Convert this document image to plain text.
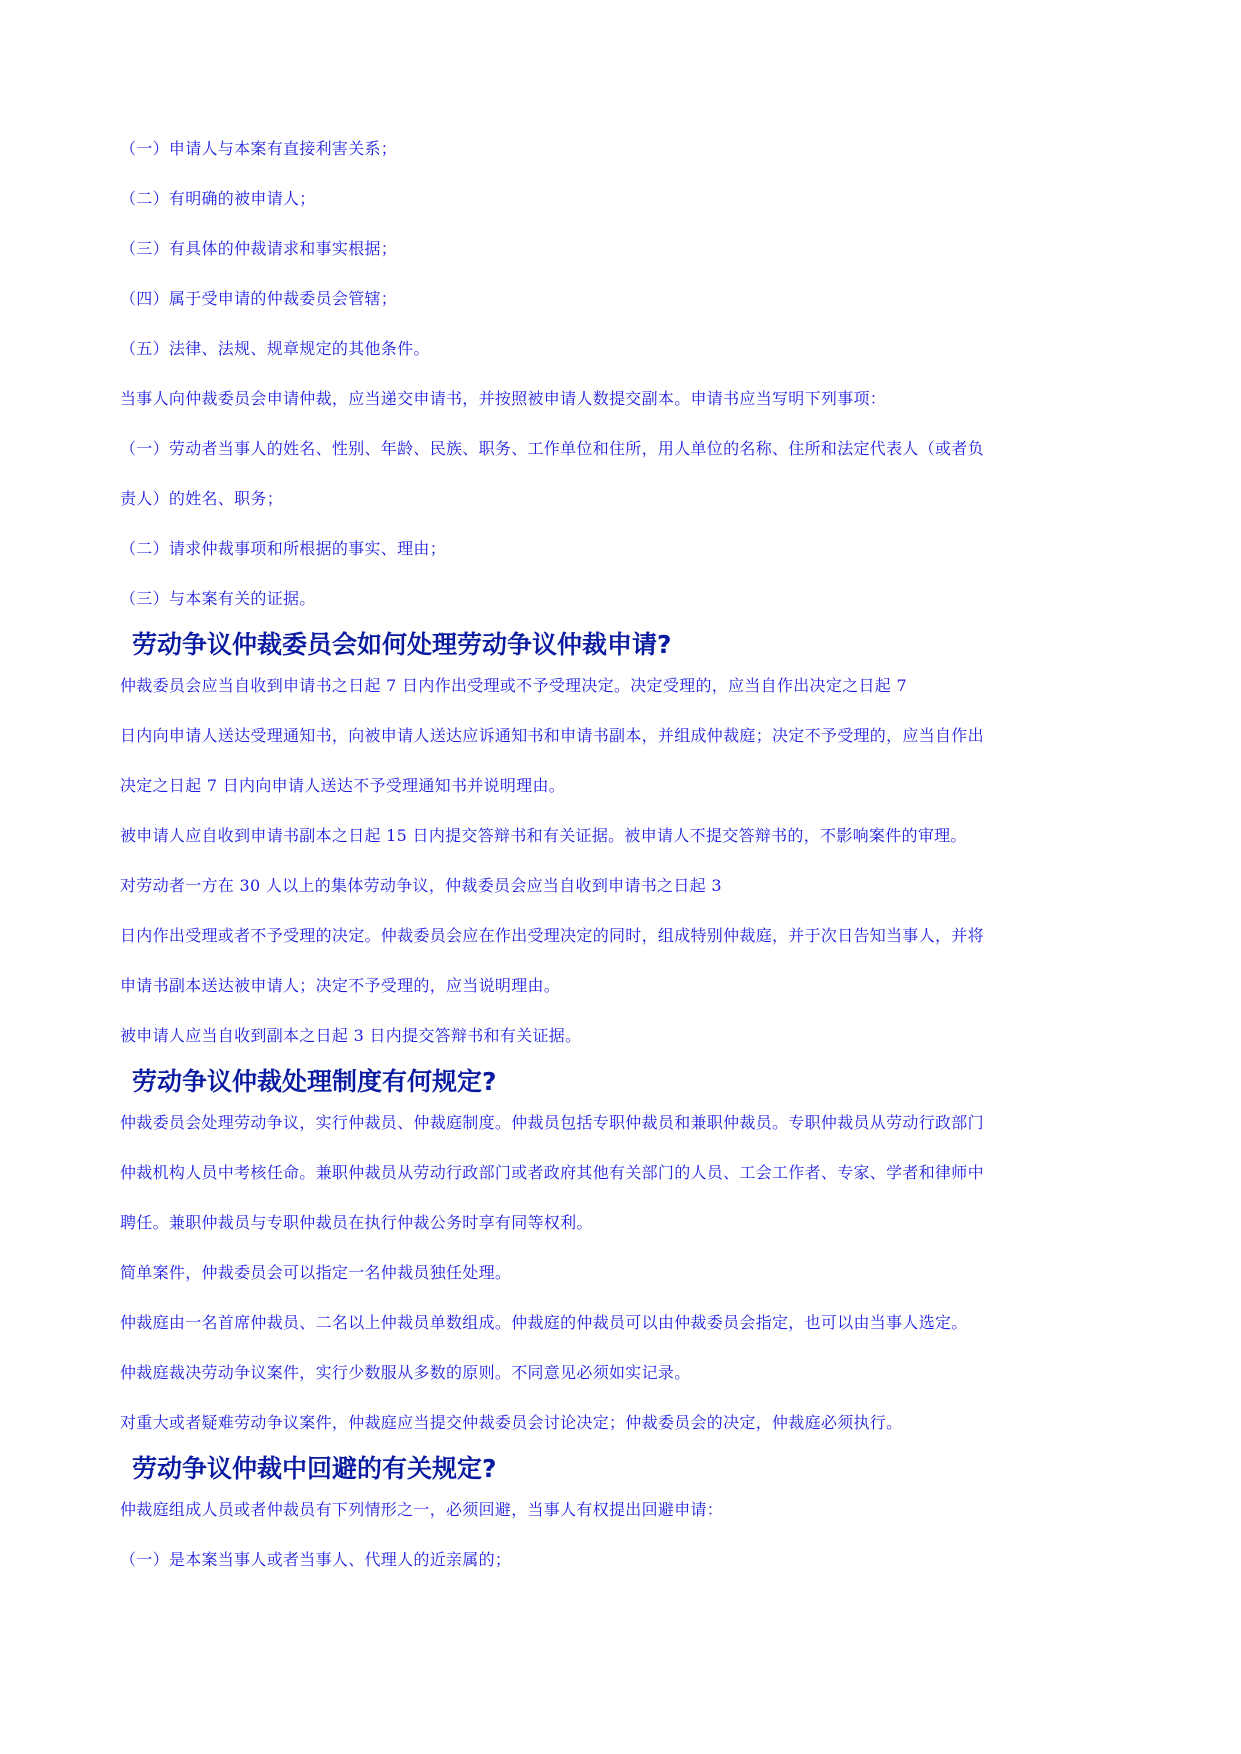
（一）申请人与本案有直接利害关系；

（二）有明确的被申请人；

（三）有具体的仲裁请求和事实根据；

（四）属于受申请的仲裁委员会管辖；

（五）法律、法规、规章规定的其他条件。

当事人向仲裁委员会申请仲裁，应当递交申请书，并按照被申请人数提交副本。申请书应当写明下列事项：

（一）劳动者当事人的姓名、性别、年龄、民族、职务、工作单位和住所，用人单位的名称、住所和法定代表人（或者负

责人）的姓名、职务；

（二）请求仲裁事项和所根据的事实、理由；

（三）与本案有关的证据。

劳动争议仲裁委员会如何处理劳动争议仲裁申请?

仲裁委员会应当自收到申请书之日起 7 日内作出受理或不予受理决定。决定受理的，应当自作出决定之日起 7

日内向申请人送达受理通知书，向被申请人送达应诉通知书和申请书副本，并组成仲裁庭；决定不予受理的，应当自作出

决定之日起 7 日内向申请人送达不予受理通知书并说明理由。

被申请人应自收到申请书副本之日起 15 日内提交答辩书和有关证据。被申请人不提交答辩书的，不影响案件的审理。

对劳动者一方在 30 人以上的集体劳动争议，仲裁委员会应当自收到申请书之日起 3

日内作出受理或者不予受理的决定。仲裁委员会应在作出受理决定的同时，组成特别仲裁庭，并于次日告知当事人，并将

申请书副本送达被申请人；决定不予受理的，应当说明理由。

被申请人应当自收到副本之日起 3 日内提交答辩书和有关证据。

劳动争议仲裁处理制度有何规定?

仲裁委员会处理劳动争议，实行仲裁员、仲裁庭制度。仲裁员包括专职仲裁员和兼职仲裁员。专职仲裁员从劳动行政部门

仲裁机构人员中考核任命。兼职仲裁员从劳动行政部门或者政府其他有关部门的人员、工会工作者、专家、学者和律师中

聘任。兼职仲裁员与专职仲裁员在执行仲裁公务时享有同等权利。

简单案件，仲裁委员会可以指定一名仲裁员独任处理。

仲裁庭由一名首席仲裁员、二名以上仲裁员单数组成。仲裁庭的仲裁员可以由仲裁委员会指定，也可以由当事人选定。

仲裁庭裁决劳动争议案件，实行少数服从多数的原则。不同意见必须如实记录。

对重大或者疑难劳动争议案件，仲裁庭应当提交仲裁委员会讨论决定；仲裁委员会的决定，仲裁庭必须执行。

劳动争议仲裁中回避的有关规定?

仲裁庭组成人员或者仲裁员有下列情形之一，必须回避，当事人有权提出回避申请：

（一）是本案当事人或者当事人、代理人的近亲属的；
